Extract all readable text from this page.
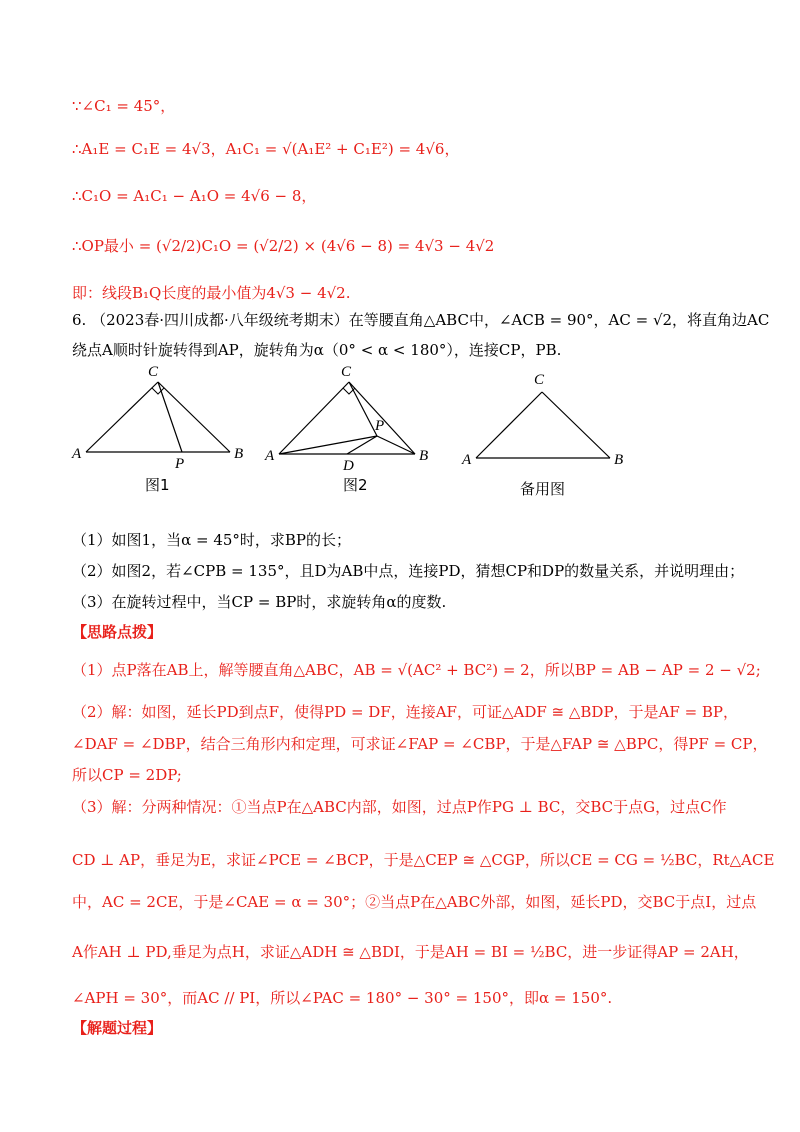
∵∠C₁ = 45°，
∴A₁E = C₁E = 4√3，A₁C₁ = √(A₁E² + C₁E²) = 4√6，
∴C₁O = A₁C₁ − A₁O = 4√6 − 8，
∴OP最小 = (√2/2)C₁O = (√2/2) × (4√6 − 8) = 4√3 − 4√2
即：线段B₁Q长度的最小值为4√3 − 4√2.
6. （2023春·四川成都·八年级统考期末）在等腰直角△ABC中，∠ACB = 90°，AC = √2，将直角边AC
绕点A顺时针旋转得到AP，旋转角为α（0° < α < 180°），连接CP，PB.
C
A	B
P
图1
C
A	B
P
D
图2
C
A	B
备用图
（1）如图1，当α = 45°时，求BP的长；
（2）如图2，若∠CPB = 135°，且D为AB中点，连接PD，猜想CP和DP的数量关系，并说明理由；
（3）在旋转过程中，当CP = BP时，求旋转角α的度数.
【思路点拨】
（1）点P落在AB上，解等腰直角△ABC，AB = √(AC² + BC²) = 2，所以BP = AB − AP = 2 − √2;
（2）解：如图，延长PD到点F，使得PD = DF，连接AF，可证△ADF ≅ △BDP，于是AF = BP，
∠DAF = ∠DBP，结合三角形内和定理，可求证∠FAP = ∠CBP，于是△FAP ≅ △BPC，得PF = CP，
所以CP = 2DP;
（3）解：分两种情况：①当点P在△ABC内部，如图，过点P作PG ⊥ BC，交BC于点G，过点C作
CD ⊥ AP，垂足为E，求证∠PCE = ∠BCP，于是△CEP ≅ △CGP，所以CE = CG = ½BC，Rt△ACE
中，AC = 2CE，于是∠CAE = α = 30°；②当点P在△ABC外部，如图，延长PD，交BC于点I，过点
A作AH ⊥ PD,垂足为点H，求证△ADH ≅ △BDI，于是AH = BI = ½BC，进一步证得AP = 2AH，
∠APH = 30°，而AC // PI，所以∠PAC = 180° − 30° = 150°，即α = 150°.
【解题过程】
